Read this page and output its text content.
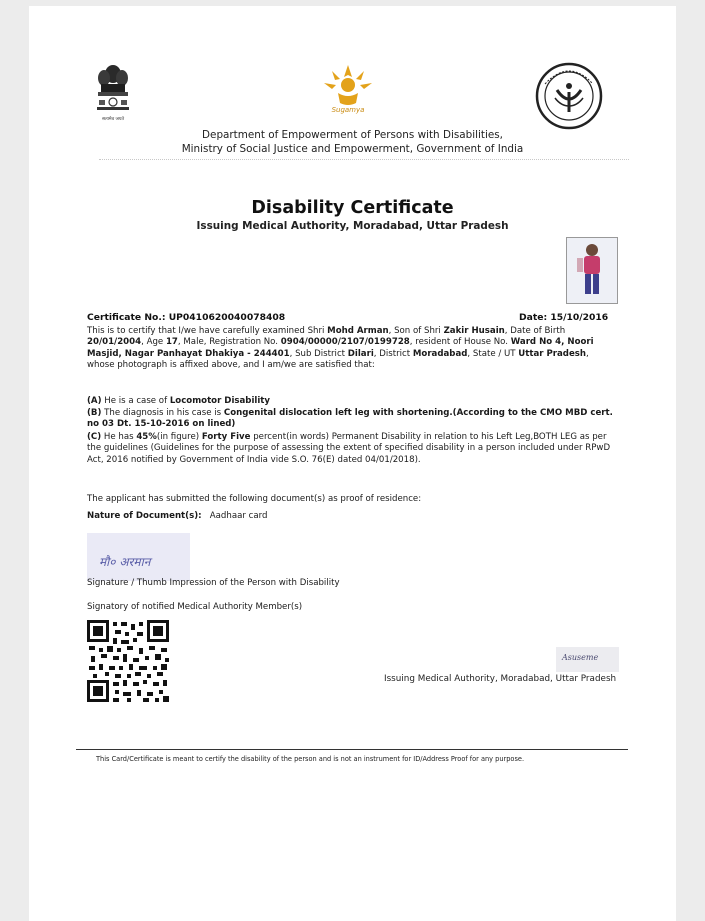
सत्यमेव जयते
Sugamya
Department of Empowerment of Persons with Disabilities,
Ministry of Social Justice and Empowerment, Government of India
Disability Certificate
Issuing Medical Authority, Moradabad, Uttar Pradesh
Certificate No.: UP0410620040078408	Date: 15/10/2016
This is to certify that I/we have carefully examined Shri Mohd Arman, Son of Shri Zakir Husain, Date of Birth 20/01/2004, Age 17, Male, Registration No. 0904/00000/2107/0199728, resident of House No. Ward No 4, Noori Masjid, Nagar Panhayat Dhakiya - 244401, Sub District Dilari, District Moradabad, State / UT Uttar Pradesh, whose photograph is affixed above, and I am/we are satisfied that:
(A) He is a case of Locomotor Disability
(B) The diagnosis in his case is Congenital dislocation left leg with shortening.(According to the CMO MBD cert. no 03 Dt. 15-10-2016 on lined)
(C) He has 45%(in figure) Forty Five percent(in words) Permanent Disability in relation to his Left Leg,BOTH LEG as per the guidelines (Guidelines for the purpose of assessing the extent of specified disability in a person included under RPwD Act, 2016 notified by Government of India vide S.O. 76(E) dated 04/01/2018).
The applicant has submitted the following document(s) as proof of residence:
Nature of Document(s): Aadhaar card
मौ० अरमान
Signature / Thumb Impression of the Person with Disability
Signatory of notified Medical Authority Member(s)
Asuseme
Issuing Medical Authority, Moradabad, Uttar Pradesh
This Card/Certificate is meant to certify the disability of the person and is not an instrument for ID/Address Proof for any purpose.
